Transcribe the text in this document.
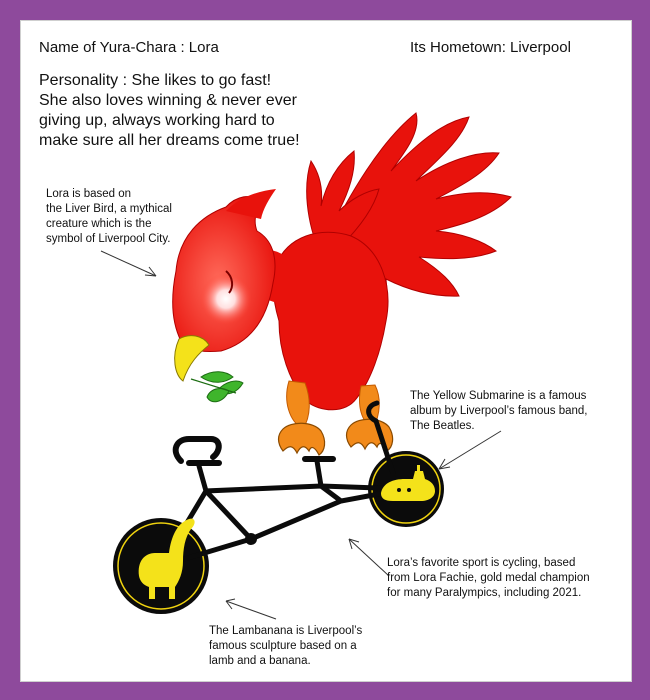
Name of Yura-Chara : Lora	Its Hometown: Liverpool

Personality : She likes to go fast!
She also loves winning & never ever
giving up, always working hard to
make sure all her dreams come true!
Lora is based on
the Liver Bird, a mythical
creature which is the
symbol of Liverpool City.
The Yellow Submarine is a famous
album by Liverpool’s famous band,
The Beatles.
Lora’s favorite sport is cycling, based
from Lora Fachie, gold medal champion
for many Paralympics, including 2021.
The Lambanana is Liverpool’s
famous sculpture based on a
lamb and a banana.
